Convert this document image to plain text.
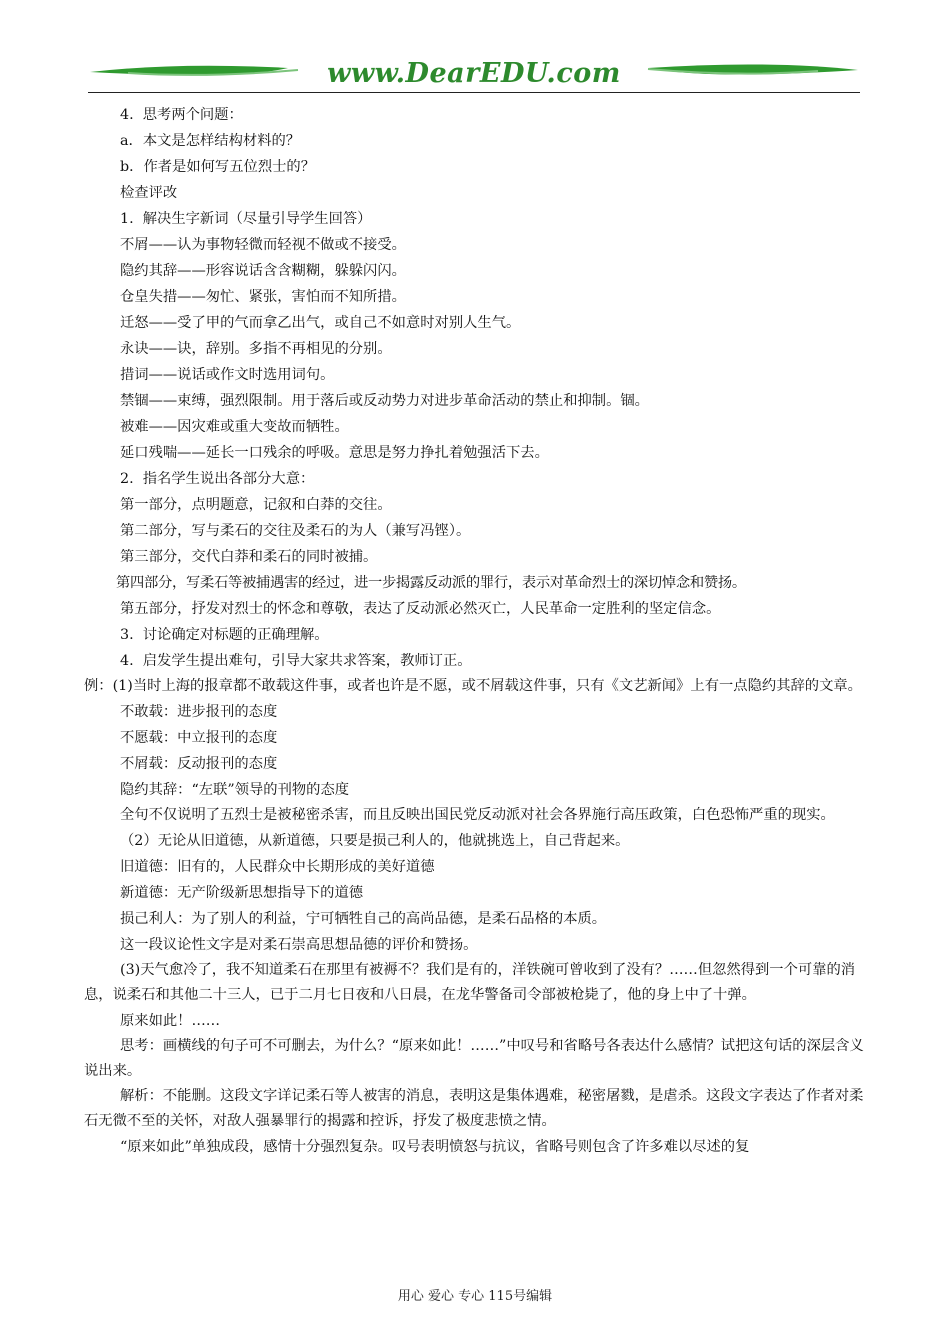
www.DearEDU.com

4.  思考两个问题：

a．本文是怎样结构材料的？

b．作者是如何写五位烈士的？

检查评改

1.  解决生字新词（尽量引导学生回答）

不屑——认为事物轻微而轻视不做或不接受。

隐约其辞——形容说话含含糊糊，躲躲闪闪。

仓皇失措——匆忙、紧张，害怕而不知所措。

迁怒——受了甲的气而拿乙出气，或自己不如意时对别人生气。

永诀——诀，辞别。多指不再相见的分别。

措词——说话或作文时选用词句。

禁锢——束缚，强烈限制。用于落后或反动势力对进步革命活动的禁止和抑制。锢。

被难——因灾难或重大变故而牺牲。

延口残喘——延长一口残余的呼吸。意思是努力挣扎着勉强活下去。

2.  指名学生说出各部分大意：

第一部分，点明题意，记叙和白莽的交往。

第二部分，写与柔石的交往及柔石的为人（兼写冯铿）。

第三部分，交代白莽和柔石的同时被捕。

第四部分，写柔石等被捕遇害的经过，进一步揭露反动派的罪行，表示对革命烈士的深切悼念和赞扬。

第五部分，抒发对烈士的怀念和尊敬，表达了反动派必然灭亡，人民革命一定胜利的坚定信念。

3.  讨论确定对标题的正确理解。

4.  启发学生提出难句，引导大家共求答案，教师订正。

例：(1)当时上海的报章都不敢载这件事，或者也许是不愿，或不屑载这件事，只有《文艺新闻》上有一点隐约其辞的文章。

不敢载：进步报刊的态度

不愿载：中立报刊的态度

不屑载：反动报刊的态度

隐约其辞：“左联”领导的刊物的态度

全句不仅说明了五烈士是被秘密杀害，而且反映出国民党反动派对社会各界施行高压政策，白色恐怖严重的现实。

（2）无论从旧道德，从新道德，只要是损己利人的，他就挑选上，自己背起来。

旧道德：旧有的，人民群众中长期形成的美好道德

新道德：无产阶级新思想指导下的道德

损己利人：为了别人的利益，宁可牺牲自己的高尚品德，是柔石品格的本质。

这一段议论性文字是对柔石崇高思想品德的评价和赞扬。

(3)天气愈冷了，我不知道柔石在那里有被褥不？我们是有的，洋铁碗可曾收到了没有？……但忽然得到一个可靠的消息，说柔石和其他二十三人，已于二月七日夜和八日晨，在龙华警备司令部被枪毙了，他的身上中了十弹。

原来如此！……

思考：画横线的句子可不可删去，为什么？“原来如此！……”中叹号和省略号各表达什么感情？试把这句话的深层含义说出来。

解析：不能删。这段文字详记柔石等人被害的消息，表明这是集体遇难，秘密屠戮，是虐杀。这段文字表达了作者对柔石无微不至的关怀，对敌人强暴罪行的揭露和控诉，抒发了极度悲愤之情。

“原来如此”单独成段，感情十分强烈复杂。叹号表明愤怒与抗议，省略号则包含了许多难以尽述的复

用心 爱心 专心 115号编辑
